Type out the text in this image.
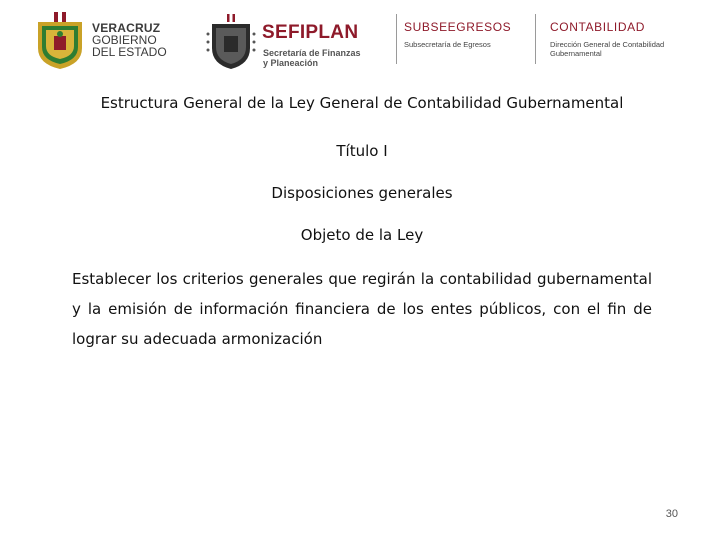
VERACRUZ
GOBIERNO
DEL ESTADO
SEFIPLAN
Secretaría de Finanzas
y Planeación
SUBSEEGRESOS
Subsecretaría de Egresos
CONTABILIDAD
Dirección General de Contabilidad
Gubernamental

Estructura General de la Ley General de Contabilidad Gubernamental

Título I

Disposiciones generales

Objeto de la Ley

Establecer los criterios generales que regirán la contabilidad gubernamental y la emisión de información financiera de los entes públicos, con el fin de lograr su adecuada armonización

30
